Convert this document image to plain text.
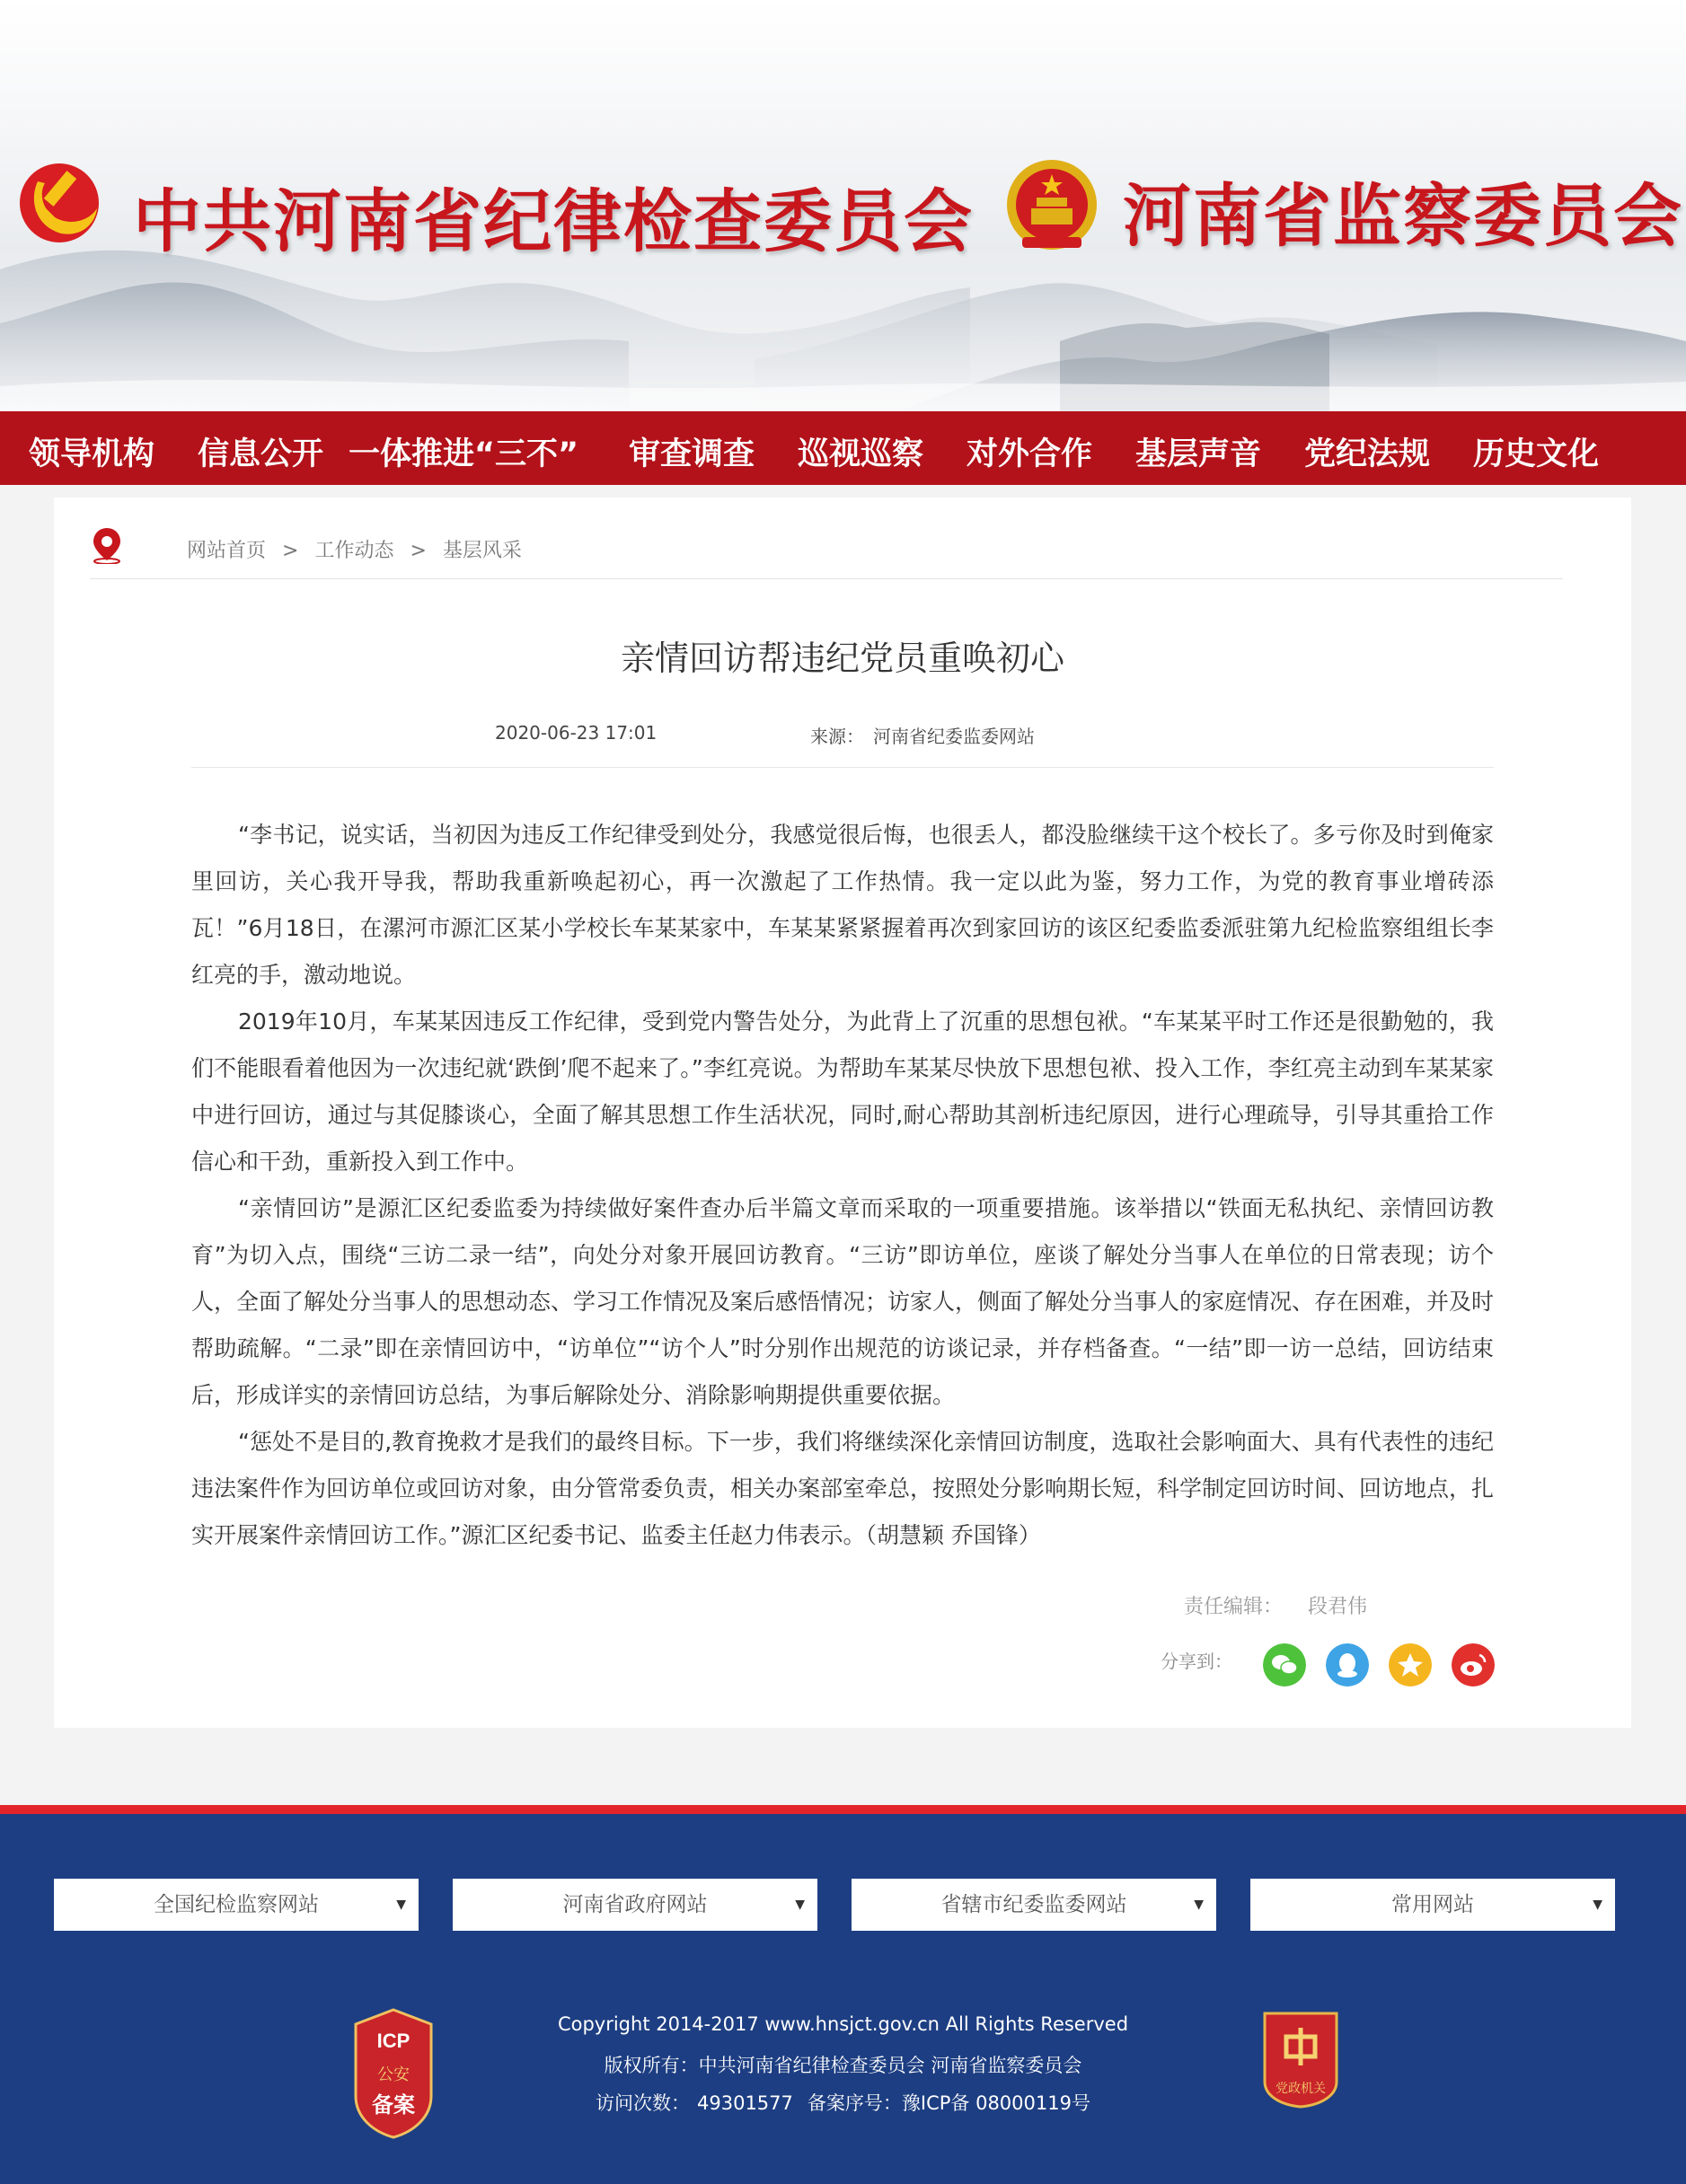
中共河南省纪律检查委员会 河南省监察委员会
领导机构 信息公开 一体推进“三不” 审查调查 巡视巡察 对外合作 基层声音 党纪法规 历史文化
网站首页 > 工作动态 > 基层风采
亲情回访帮违纪党员重唤初心
2020-06-23 17:01	来源： 河南省纪委监委网站

“李书记，说实话，当初因为违反工作纪律受到处分，我感觉很后悔，也很丢人，都没脸继续干这个校长了。多亏你及时到俺家里回访，关心我开导我，帮助我重新唤起初心，再一次激起了工作热情。我一定以此为鉴，努力工作，为党的教育事业增砖添瓦！”6月18日，在漯河市源汇区某小学校长车某某家中，车某某紧紧握着再次到家回访的该区纪委监委派驻第九纪检监察组组长李红亮的手，激动地说。

2019年10月，车某某因违反工作纪律，受到党内警告处分，为此背上了沉重的思想包袱。“车某某平时工作还是很勤勉的，我们不能眼看着他因为一次违纪就‘跌倒’爬不起来了。”李红亮说。为帮助车某某尽快放下思想包袱、投入工作，李红亮主动到车某某家中进行回访，通过与其促膝谈心，全面了解其思想工作生活状况，同时,耐心帮助其剖析违纪原因，进行心理疏导，引导其重拾工作信心和干劲，重新投入到工作中。

“亲情回访”是源汇区纪委监委为持续做好案件查办后半篇文章而采取的一项重要措施。该举措以“铁面无私执纪、亲情回访教育”为切入点，围绕“三访二录一结”，向处分对象开展回访教育。“三访”即访单位，座谈了解处分当事人在单位的日常表现；访个人，全面了解处分当事人的思想动态、学习工作情况及案后感悟情况；访家人，侧面了解处分当事人的家庭情况、存在困难，并及时帮助疏解。“二录”即在亲情回访中，“访单位”“访个人”时分别作出规范的访谈记录，并存档备查。“一结”即一访一总结，回访结束后，形成详实的亲情回访总结，为事后解除处分、消除影响期提供重要依据。

“惩处不是目的,教育挽救才是我们的最终目标。下一步，我们将继续深化亲情回访制度，选取社会影响面大、具有代表性的违纪违法案件作为回访单位或回访对象，由分管常委负责，相关办案部室牵总，按照处分影响期长短，科学制定回访时间、回访地点，扎实开展案件亲情回访工作。”源汇区纪委书记、监委主任赵力伟表示。（胡慧颖 乔国锋）

责任编辑： 段君伟
分享到：
全国纪检监察网站	▼	河南省政府网站	▼	省辖市纪委监委网站	▼	常用网站	▼
ICP
公安
备案
Copyright 2014-2017 www.hnsjct.gov.cn All Rights Reserved
版权所有：中共河南省纪律检查委员会 河南省监察委员会
访问次数： 49301577 备案序号：豫ICP备 08000119号
党政机关
